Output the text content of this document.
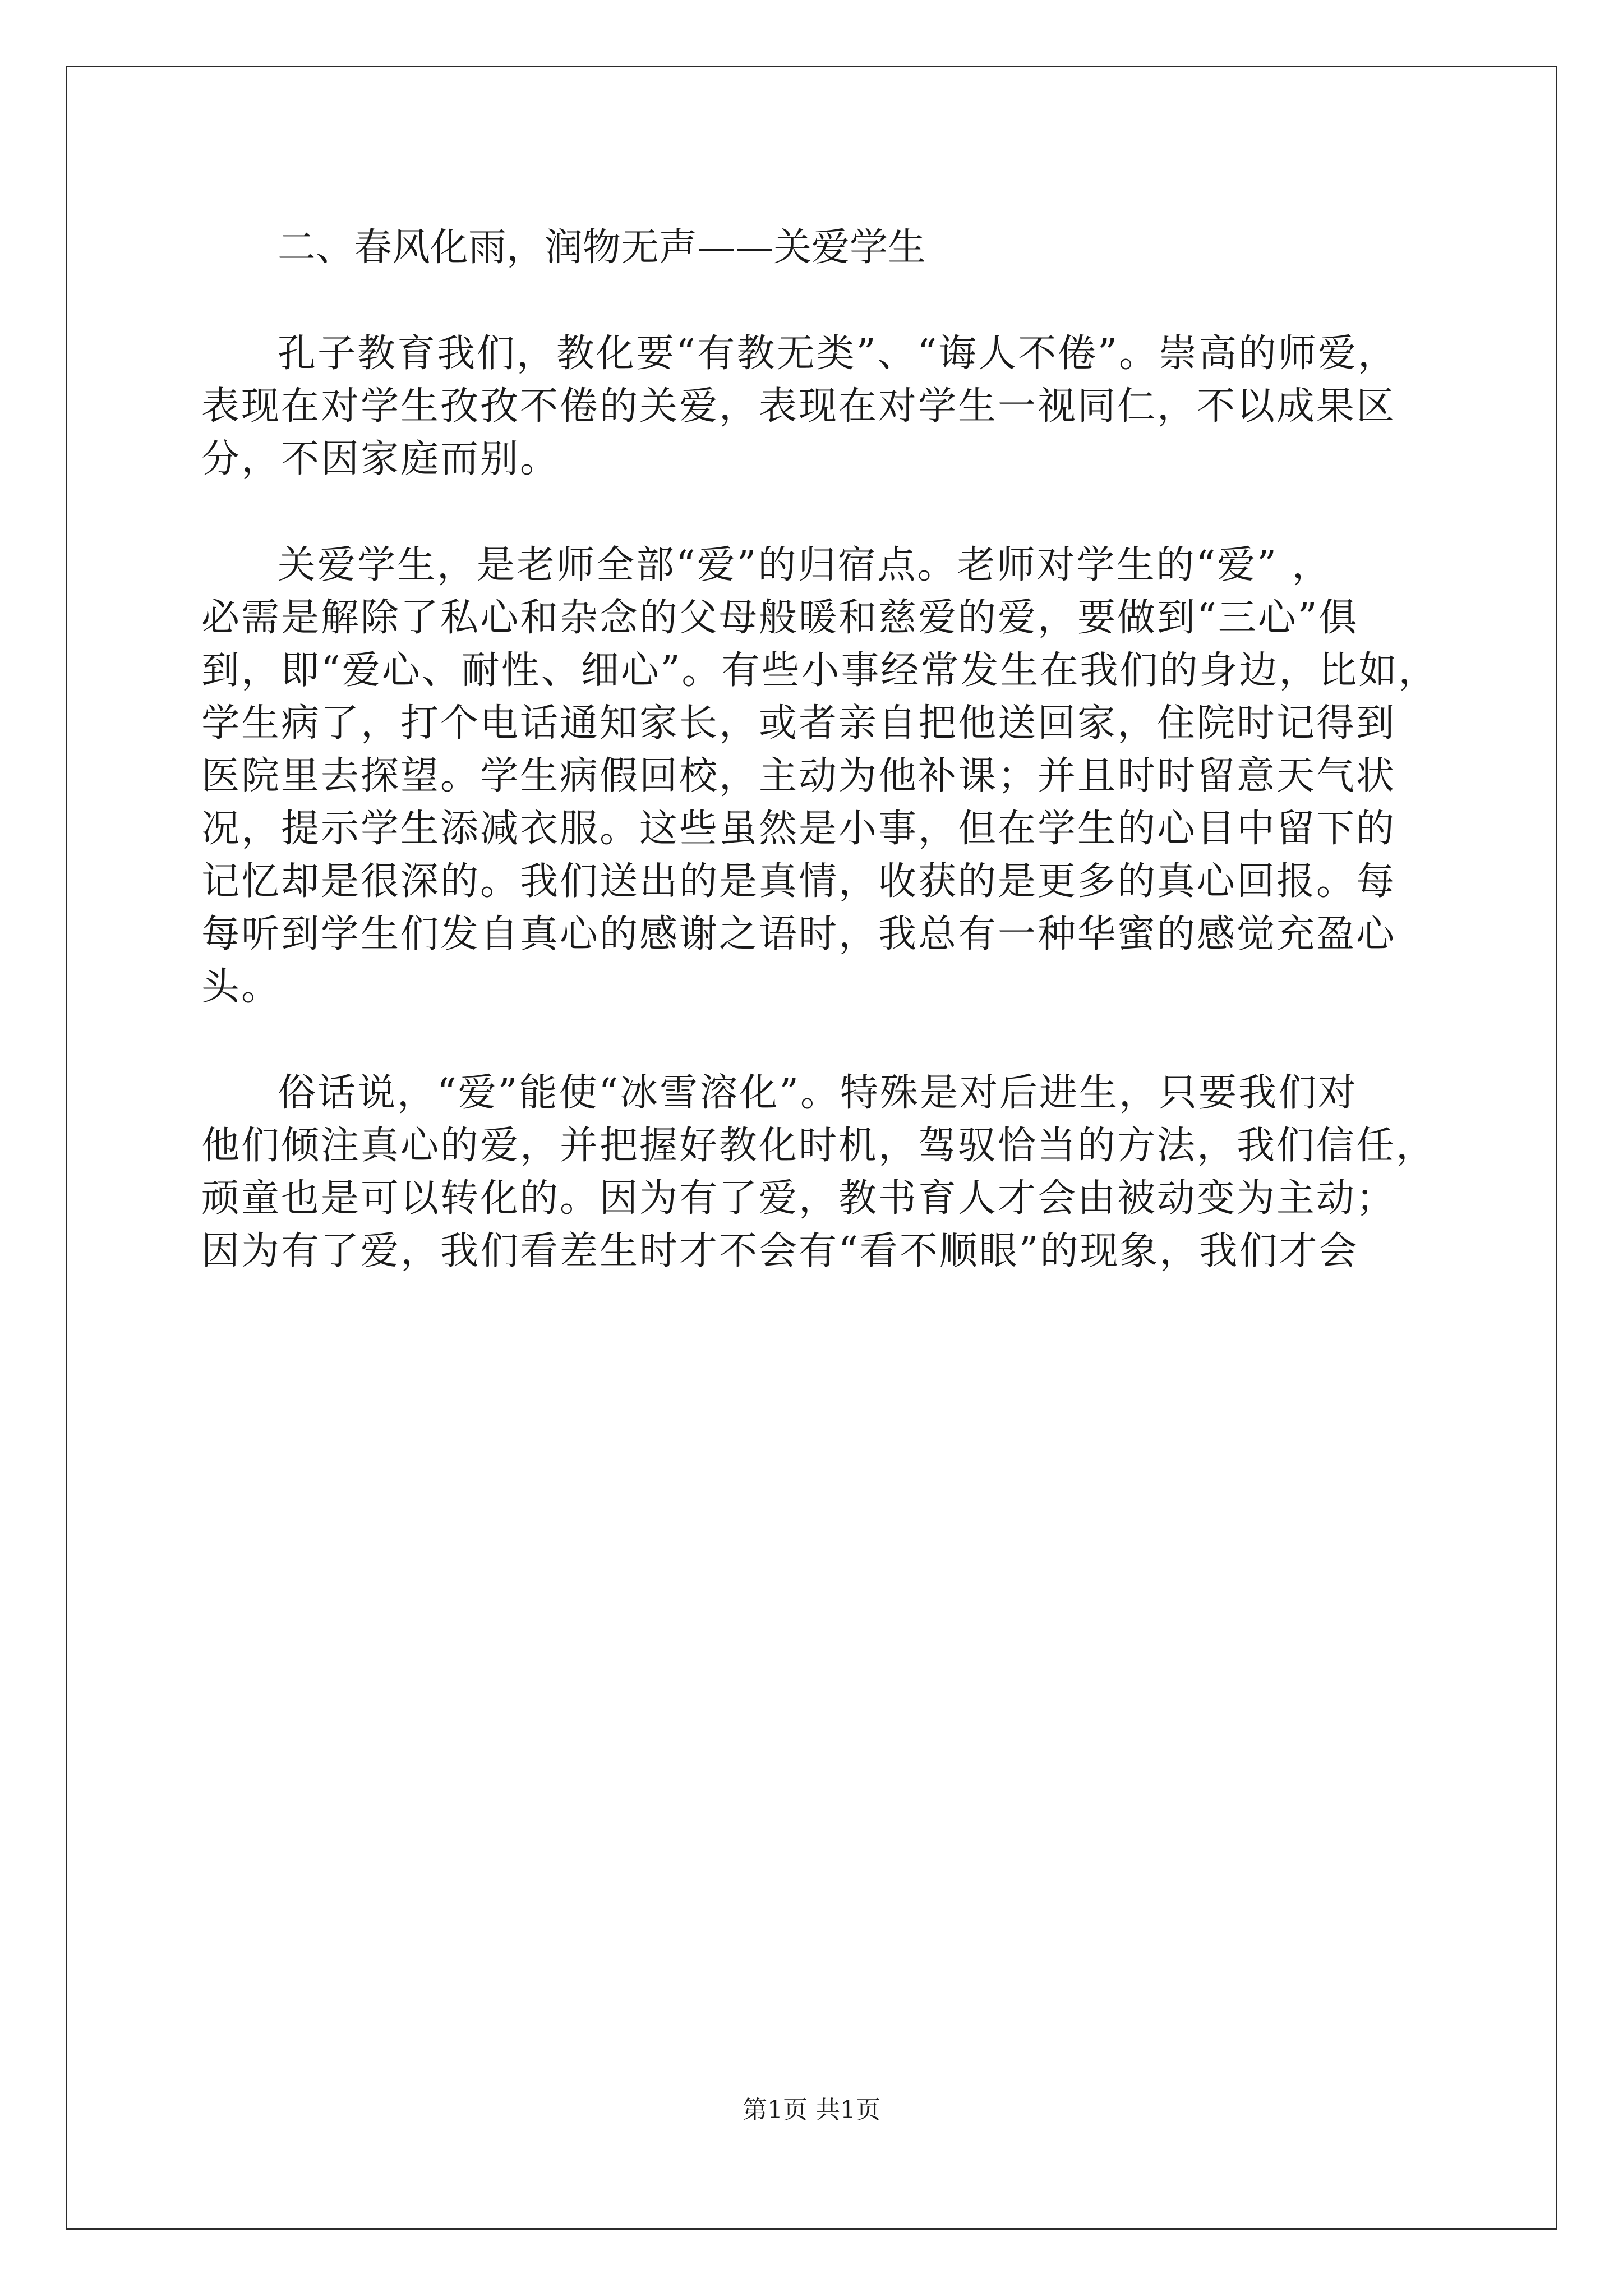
二、春风化雨，润物无声——关爱学生
孔子教育我们，教化要“有教无类”、“诲人不倦”。崇高的师爱，
表现在对学生孜孜不倦的关爱，表现在对学生一视同仁，不以成果区
分，不因家庭而别。
关爱学生，是老师全部“爱”的归宿点。老师对学生的“爱” ，
必需是解除了私心和杂念的父母般暖和慈爱的爱，要做到“三心”俱
到，即“爱心、耐性、细心”。有些小事经常发生在我们的身边，比如，
学生病了，打个电话通知家长，或者亲自把他送回家，住院时记得到
医院里去探望。学生病假回校，主动为他补课；并且时时留意天气状
况，提示学生添减衣服。这些虽然是小事，但在学生的心目中留下的
记忆却是很深的。我们送出的是真情，收获的是更多的真心回报。每
每听到学生们发自真心的感谢之语时，我总有一种华蜜的感觉充盈心
头。
俗话说，“爱”能使“冰雪溶化”。特殊是对后进生，只要我们对
他们倾注真心的爱，并把握好教化时机，驾驭恰当的方法，我们信任，
顽童也是可以转化的。因为有了爱，教书育人才会由被动变为主动；
因为有了爱，我们看差生时才不会有“看不顺眼”的现象，我们才会
第1页 共1页
